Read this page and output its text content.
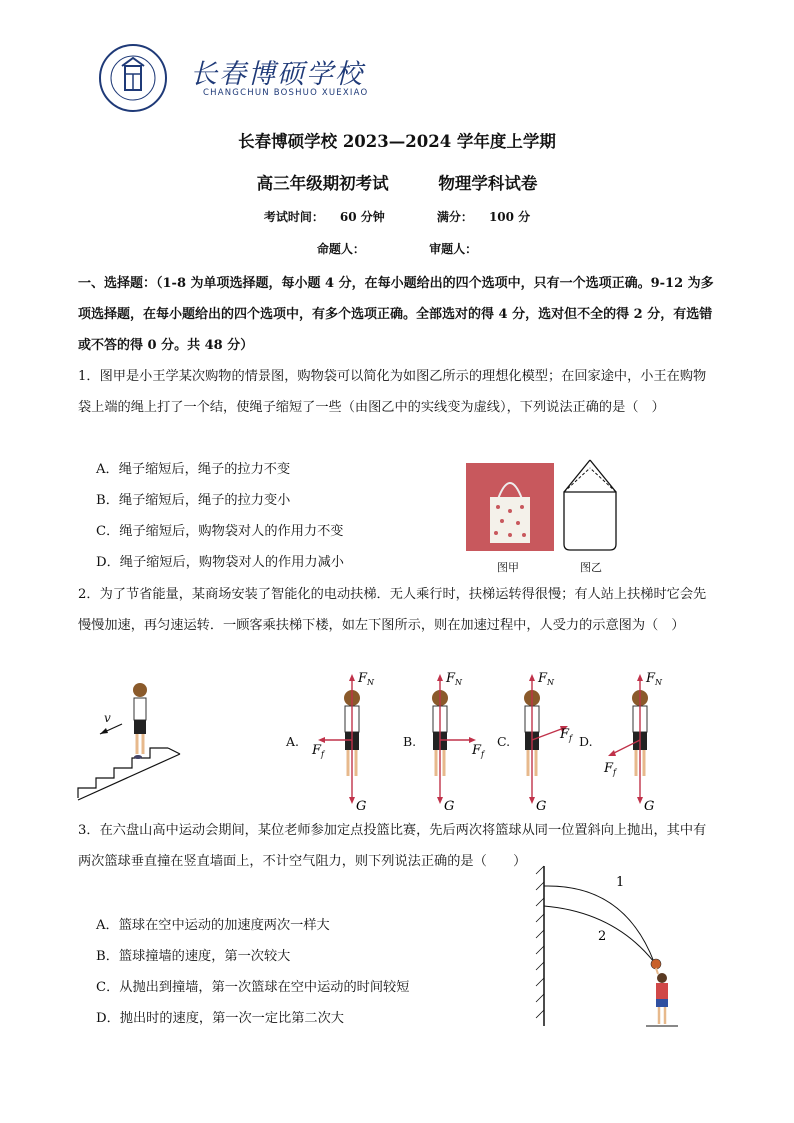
长春博硕学校
CHANGCHUN BOSHUO XUEXIAO
长春博硕学校 2023—2024 学年度上学期
高三年级期初考试	物理学科试卷
考试时间： 60 分钟	满分： 100 分
命题人：	审题人：
一、选择题：（1-8 为单项选择题，每小题 4 分，在每小题给出的四个选项中，只有一个选项正确。9-12 为多项选择题，在每小题给出的四个选项中，有多个选项正确。全部选对的得 4 分，选对但不全的得 2 分，有选错或不答的得 0 分。共 48 分）
1．图甲是小王学某次购物的情景图，购物袋可以简化为如图乙所示的理想化模型；在回家途中，小王在购物袋上端的绳上打了一个结，使绳子缩短了一些（由图乙中的实线变为虚线），下列说法正确的是（　）
A．绳子缩短后，绳子的拉力不变
B．绳子缩短后，绳子的拉力变小
C．绳子缩短后，购物袋对人的作用力不变
D．绳子缩短后，购物袋对人的作用力减小	图甲	图乙
2．为了节省能量，某商场安装了智能化的电动扶梯．无人乘行时，扶梯运转得很慢；有人站上扶梯时它会先慢慢加速，再匀速运转．一顾客乘扶梯下楼，如左下图所示，则在加速过程中，人受力的示意图为（　）
v
A.	B.	C.	D.
$F_N$
$F_f$
G
$F_N$
$F_f$
G
$F_N$
$F_f$
G
$F_N$
$F_f$
G
3．在六盘山高中运动会期间，某位老师参加定点投篮比赛，先后两次将篮球从同一位置斜向上抛出，其中有两次篮球垂直撞在竖直墙面上，不计空气阻力，则下列说法正确的是（　　）
A．篮球在空中运动的加速度两次一样大
B．篮球撞墙的速度，第一次较大
C．从抛出到撞墙，第一次篮球在空中运动的时间较短
D．抛出时的速度，第一次一定比第二次大
1
2
